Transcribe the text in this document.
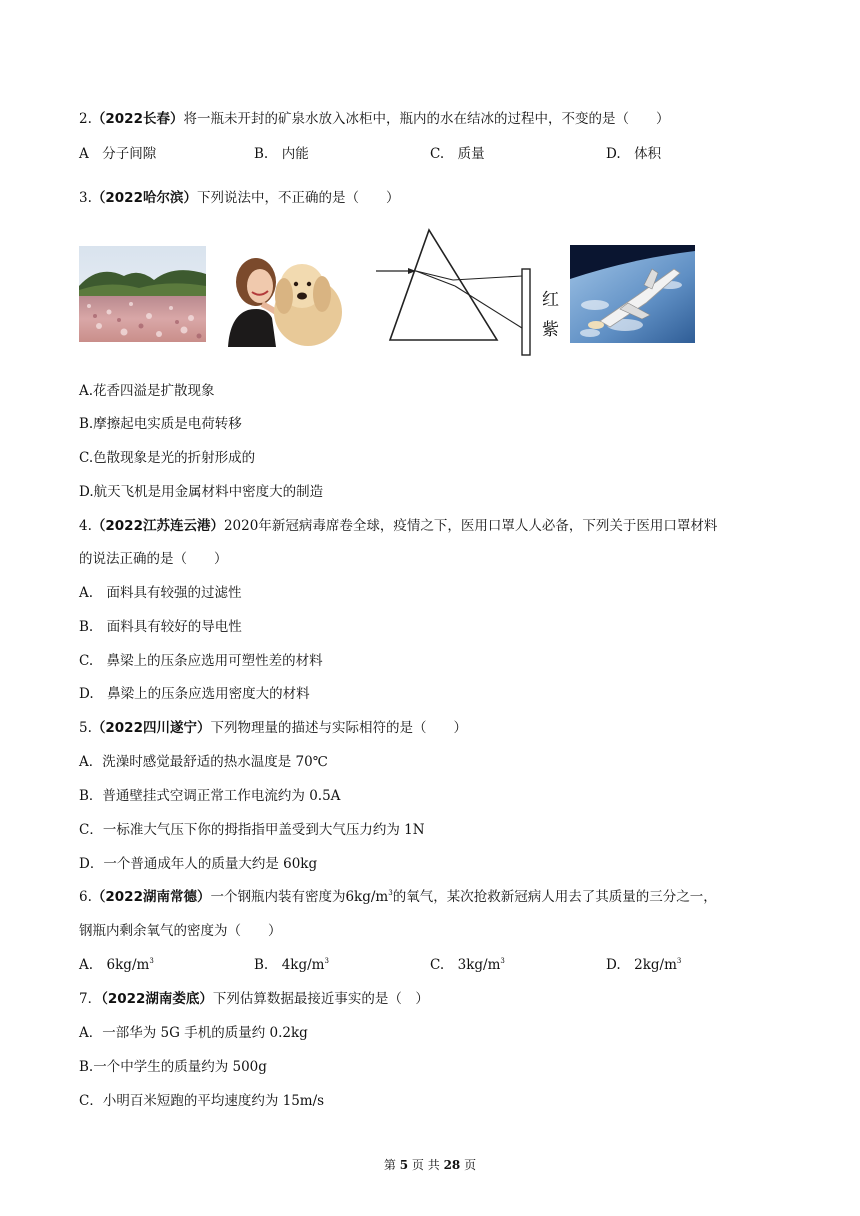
2.（2022长春）将一瓶未开封的矿泉水放入冰柜中，瓶内的水在结冰的过程中，不变的是（　　）
A　分子间隙	B.　内能	C.　质量	D.　体积
3.（2022哈尔滨）下列说法中，不正确的是（　　）
红
紫
A.花香四溢是扩散现象
B.摩擦起电实质是电荷转移
C.色散现象是光的折射形成的
D.航天飞机是用金属材料中密度大的制造
4.（2022江苏连云港）2020年新冠病毒席卷全球，疫情之下，医用口罩人人必备，下列关于医用口罩材料
的说法正确的是（　　）
A.　面料具有较强的过滤性
B.　面料具有较好的导电性
C.　鼻梁上的压条应选用可塑性差的材料
D.　鼻梁上的压条应选用密度大的材料
5.（2022四川遂宁）下列物理量的描述与实际相符的是（　　）
A．洗澡时感觉最舒适的热水温度是 70℃
B．普通壁挂式空调正常工作电流约为 0.5A
C．一标准大气压下你的拇指指甲盖受到大气压力约为 1N
D．一个普通成年人的质量大约是 60kg
6.（2022湖南常德）一个钢瓶内装有密度为$6kg/m^3$的氧气，某次抢救新冠病人用去了其质量的三分之一，
钢瓶内剩余氧气的密度为（　　）
A.　$6kg/m^3$	B.　$4kg/m^3$	C.　$3kg/m^3$	D.　$2kg/m^3$
7．（2022湖南娄底）下列估算数据最接近事实的是（　）
A．一部华为 5G 手机的质量约 0.2kg
B.一个中学生的质量约为 500g
C．小明百米短跑的平均速度约为 15m/s
第 5 页 共 28 页
